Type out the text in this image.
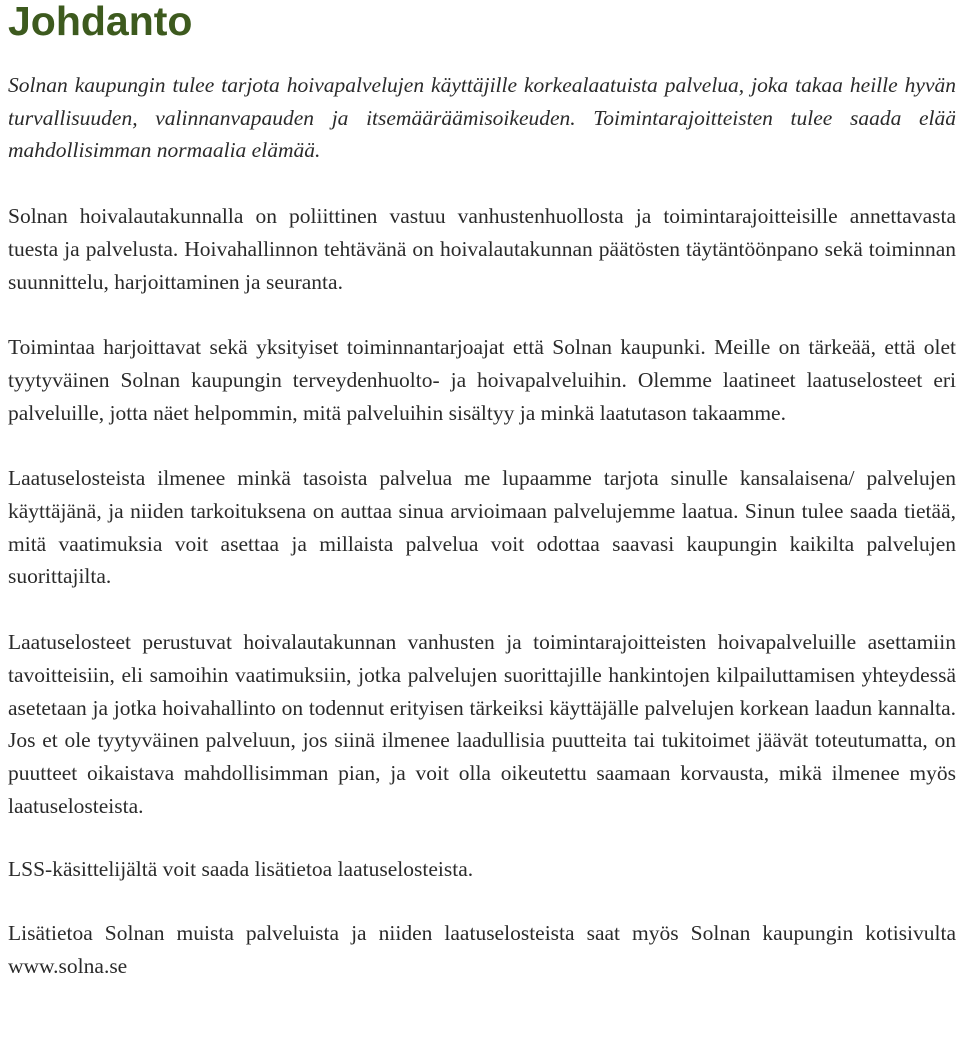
Johdanto

Solnan kaupungin tulee tarjota hoivapalvelujen käyttäjille korkealaatuista palvelua, joka takaa heille hyvän turvallisuuden, valinnanvapauden ja itsemääräämisoikeuden. Toimintarajoitteisten tulee saada elää mahdollisimman normaalia elämää.

Solnan hoivalautakunnalla on poliittinen vastuu vanhustenhuollosta ja toimintarajoitteisille annettavasta tuesta ja palvelusta. Hoivahallinnon tehtävänä on hoivalautakunnan päätösten täytäntöönpano sekä toiminnan suunnittelu, harjoittaminen ja seuranta.

Toimintaa harjoittavat sekä yksityiset toiminnantarjoajat että Solnan kaupunki. Meille on tärkeää, että olet tyytyväinen Solnan kaupungin terveydenhuolto- ja hoivapalveluihin. Olemme laatineet laatuselosteet eri palveluille, jotta näet helpommin, mitä palveluihin sisältyy ja minkä laatutason takaamme.

Laatuselosteista ilmenee minkä tasoista palvelua me lupaamme tarjota sinulle kansalaisena/ palvelujen käyttäjänä, ja niiden tarkoituksena on auttaa sinua arvioimaan palvelujemme laatua. Sinun tulee saada tietää, mitä vaatimuksia voit asettaa ja millaista palvelua voit odottaa saavasi kaupungin kaikilta palvelujen suorittajilta.

Laatuselosteet perustuvat hoivalautakunnan vanhusten ja toimintarajoitteisten hoivapalveluille asettamiin tavoitteisiin, eli samoihin vaatimuksiin, jotka palvelujen suorittajille hankintojen kilpailuttamisen yhteydessä asetetaan ja jotka hoivahallinto on todennut erityisen tärkeiksi käyttäjälle palvelujen korkean laadun kannalta. Jos et ole tyytyväinen palveluun, jos siinä ilmenee laadullisia puutteita tai tukitoimet jäävät toteutumatta, on puutteet oikaistava mahdollisimman pian, ja voit olla oikeutettu saamaan korvausta, mikä ilmenee myös laatuselosteista.

LSS-käsittelijältä voit saada lisätietoa laatuselosteista.

Lisätietoa Solnan muista palveluista ja niiden laatuselosteista saat myös Solnan kaupungin kotisivulta www.solna.se
